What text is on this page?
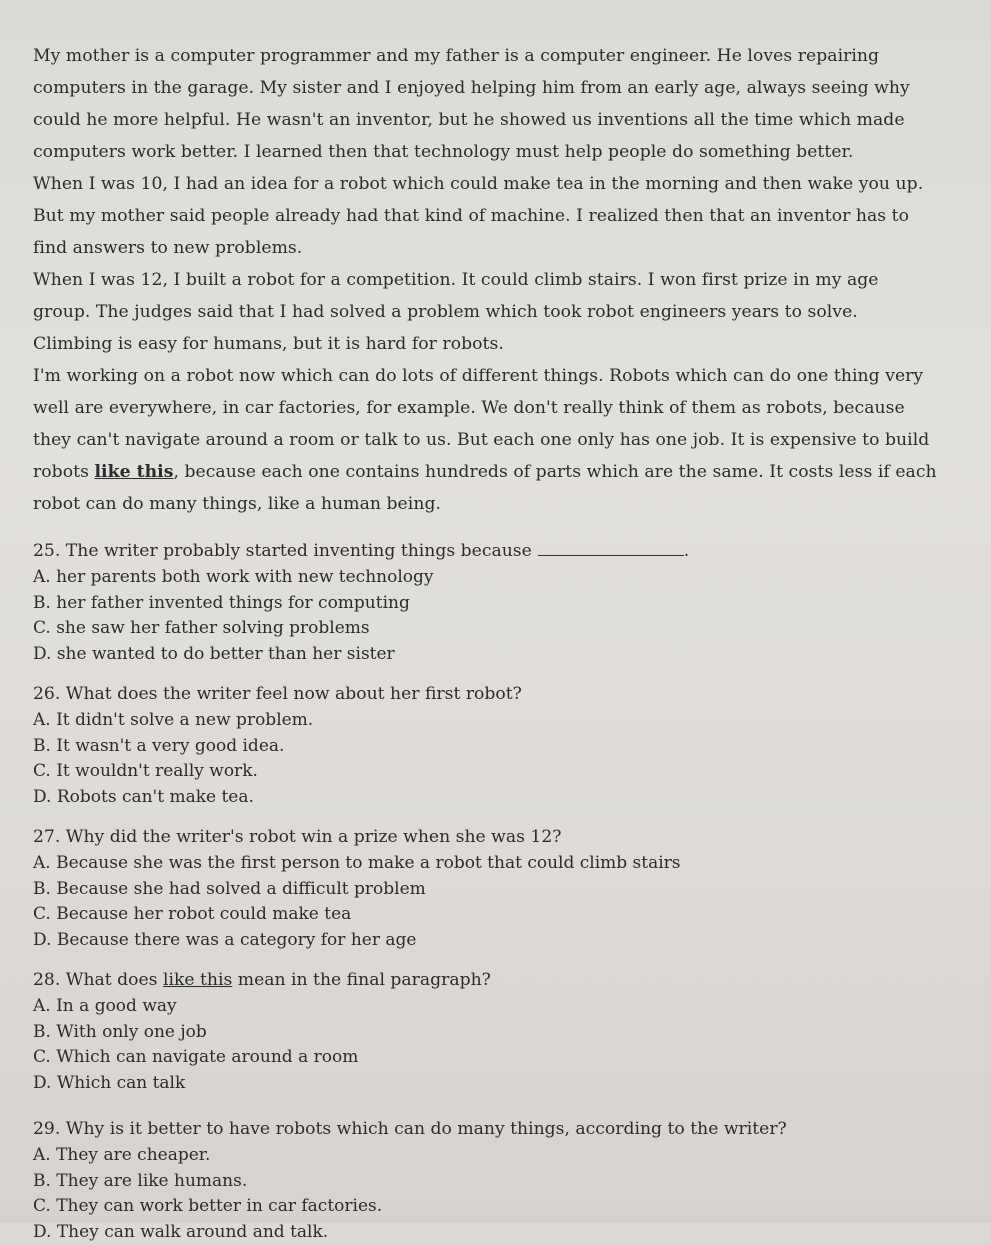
My mother is a computer programmer and my father is a computer engineer. He loves repairing

computers in the garage. My sister and I enjoyed helping him from an early age, always seeing why

could he more helpful. He wasn't an inventor, but he showed us inventions all the time which made

computers work better. I learned then that technology must help people do something better.

When I was 10, I had an idea for a robot which could make tea in the morning and then wake you up.

But my mother said people already had that kind of machine. I realized then that an inventor has to

find answers to new problems.

When I was 12, I built a robot for a competition. It could climb stairs. I won first prize in my age

group. The judges said that I had solved a problem which took robot engineers years to solve.

Climbing is easy for humans, but it is hard for robots.

I'm working on a robot now which can do lots of different things. Robots which can do one thing very

well are everywhere, in car factories, for example. We don't really think of them as robots, because

they can't navigate around a room or talk to us. But each one only has one job. It is expensive to build

robots like this, because each one contains hundreds of parts which are the same. It costs less if each

robot can do many things, like a human being.

25. The writer probably started inventing things because	.
A. her parents both work with new technology
B. her father invented things for computing
C. she saw her father solving problems
D. she wanted to do better than her sister
26. What does the writer feel now about her first robot?
A. It didn't solve a new problem.
B. It wasn't a very good idea.
C. It wouldn't really work.
D. Robots can't make tea.
27. Why did the writer's robot win a prize when she was 12?
A. Because she was the first person to make a robot that could climb stairs
B. Because she had solved a difficult problem
C. Because her robot could make tea
D. Because there was a category for her age
28. What does like this mean in the final paragraph?
A. In a good way
B. With only one job
C. Which can navigate around a room
D. Which can talk
29. Why is it better to have robots which can do many things, according to the writer?
A. They are cheaper.
B. They are like humans.
C. They can work better in car factories.
D. They can walk around and talk.
